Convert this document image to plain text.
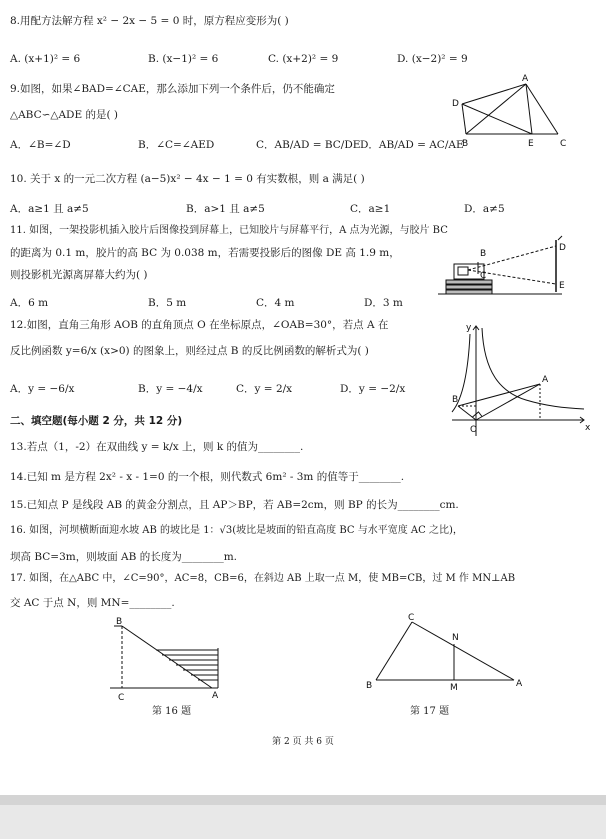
8.用配方法解方程 x² − 2x − 5 = 0 时，原方程应变形为( )
A. (x+1)² = 6	B. (x−1)² = 6	C. (x+2)² = 9	D. (x−2)² = 9
9.如图，如果∠BAD=∠CAE，那么添加下列一个条件后，仍不能确定
△ABC∽△ADE 的是( )
A．∠B=∠D	B．∠C=∠AED	C．AB/AD = BC/DE D．AB/AD = AC/AE
A
D
B	E	C
10. 关于 x 的一元二次方程 (a−5)x² − 4x − 1 = 0 有实数根，则 a 满足( )
A．a≥1 且 a≠5	B．a>1 且 a≠5	C．a≥1	D．a≠5
11. 如图，一架投影机插入胶片后图像投到屏幕上，已知胶片与屏幕平行，A 点为光源，与胶片 BC
的距离为 0.1 m，胶片的高 BC 为 0.038 m，若需要投影后的图像 DE 高 1.9 m，
则投影机光源离屏幕大约为( )
A．6 m	B．5 m	C．4 m	D．3 m
B
C
D
E
12.如图，直角三角形 AOB 的直角顶点 O 在坐标原点，∠OAB=30°，若点 A 在
反比例函数 y=6/x (x>0) 的图象上，则经过点 B 的反比例函数的解析式为( )
A．y = −6/x	B．y = −4/x	C．y = 2/x	D．y = −2/x
y
x
A
B
O
二、填空题(每小题 2 分，共 12 分)
13.若点（1，-2）在双曲线 y = k/x 上，则 k 的值为________.
14.已知 m 是方程 2x² - x - 1=0 的一个根，则代数式 6m² - 3m 的值等于________.
15.已知点 P 是线段 AB 的黄金分割点，且 AP＞BP，若 AB=2cm，则 BP 的长为________cm.
16. 如图，河坝横断面迎水坡 AB 的坡比是 1：√3(坡比是坡面的铅直高度 BC 与水平宽度 AC 之比)，
坝高 BC=3m，则坡面 AB 的长度为________m.
17. 如图，在△ABC 中，∠C=90°，AC=8，CB=6，在斜边 AB 上取一点 M，使 MB=CB，过 M 作 MN⊥AB
交 AC 于点 N，则 MN=________.
B
C	A
第 16 题
C
N
B	M	A
第 17 题
第 2 页 共 6 页
